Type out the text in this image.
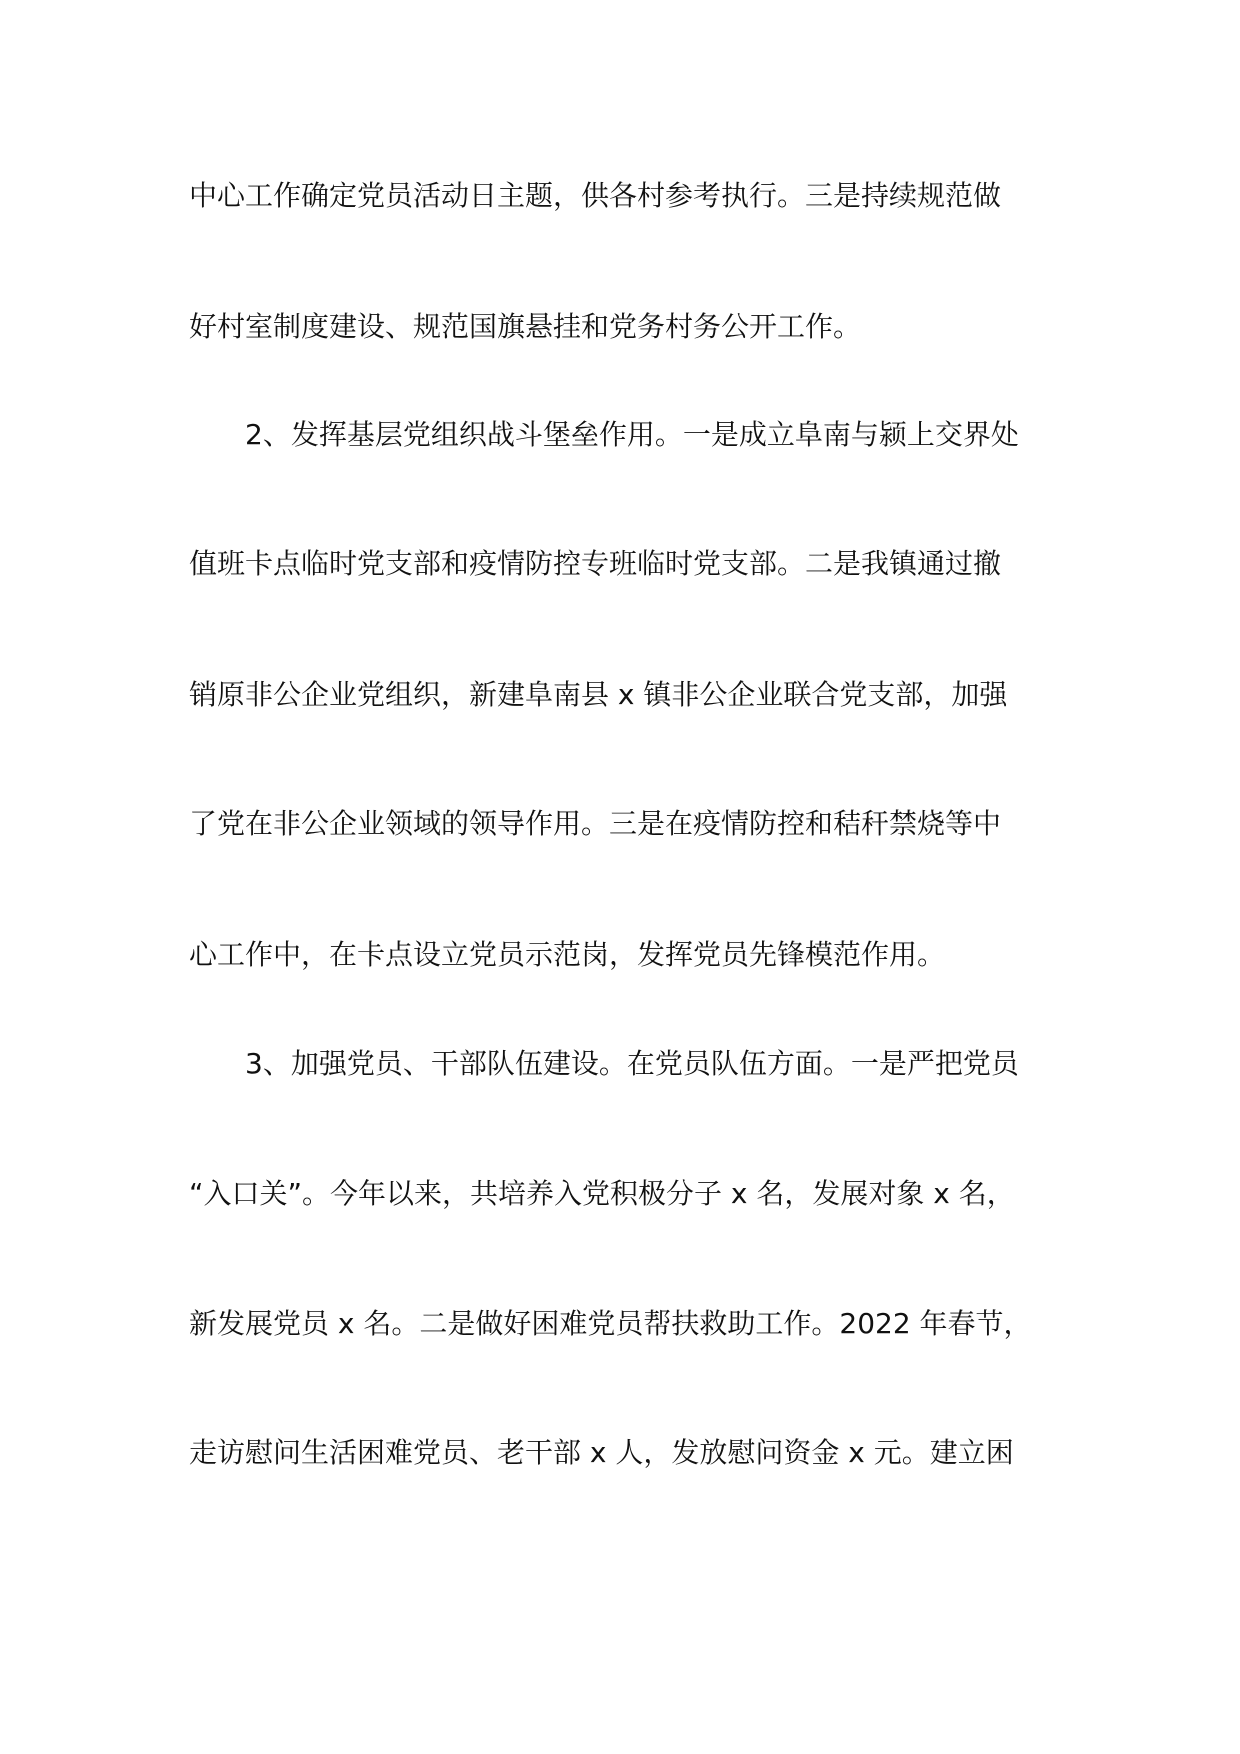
中心工作确定党员活动日主题，供各村参考执行。三是持续规范做
好村室制度建设、规范国旗悬挂和党务村务公开工作。
2、发挥基层党组织战斗堡垒作用。一是成立阜南与颍上交界处
值班卡点临时党支部和疫情防控专班临时党支部。二是我镇通过撤
销原非公企业党组织，新建阜南县 x 镇非公企业联合党支部，加强
了党在非公企业领域的领导作用。三是在疫情防控和秸秆禁烧等中
心工作中，在卡点设立党员示范岗，发挥党员先锋模范作用。
3、加强党员、干部队伍建设。在党员队伍方面。一是严把党员
“入口关”。今年以来，共培养入党积极分子 x 名，发展对象 x 名，
新发展党员 x 名。二是做好困难党员帮扶救助工作。2022 年春节，
走访慰问生活困难党员、老干部 x 人，发放慰问资金 x 元。建立困
